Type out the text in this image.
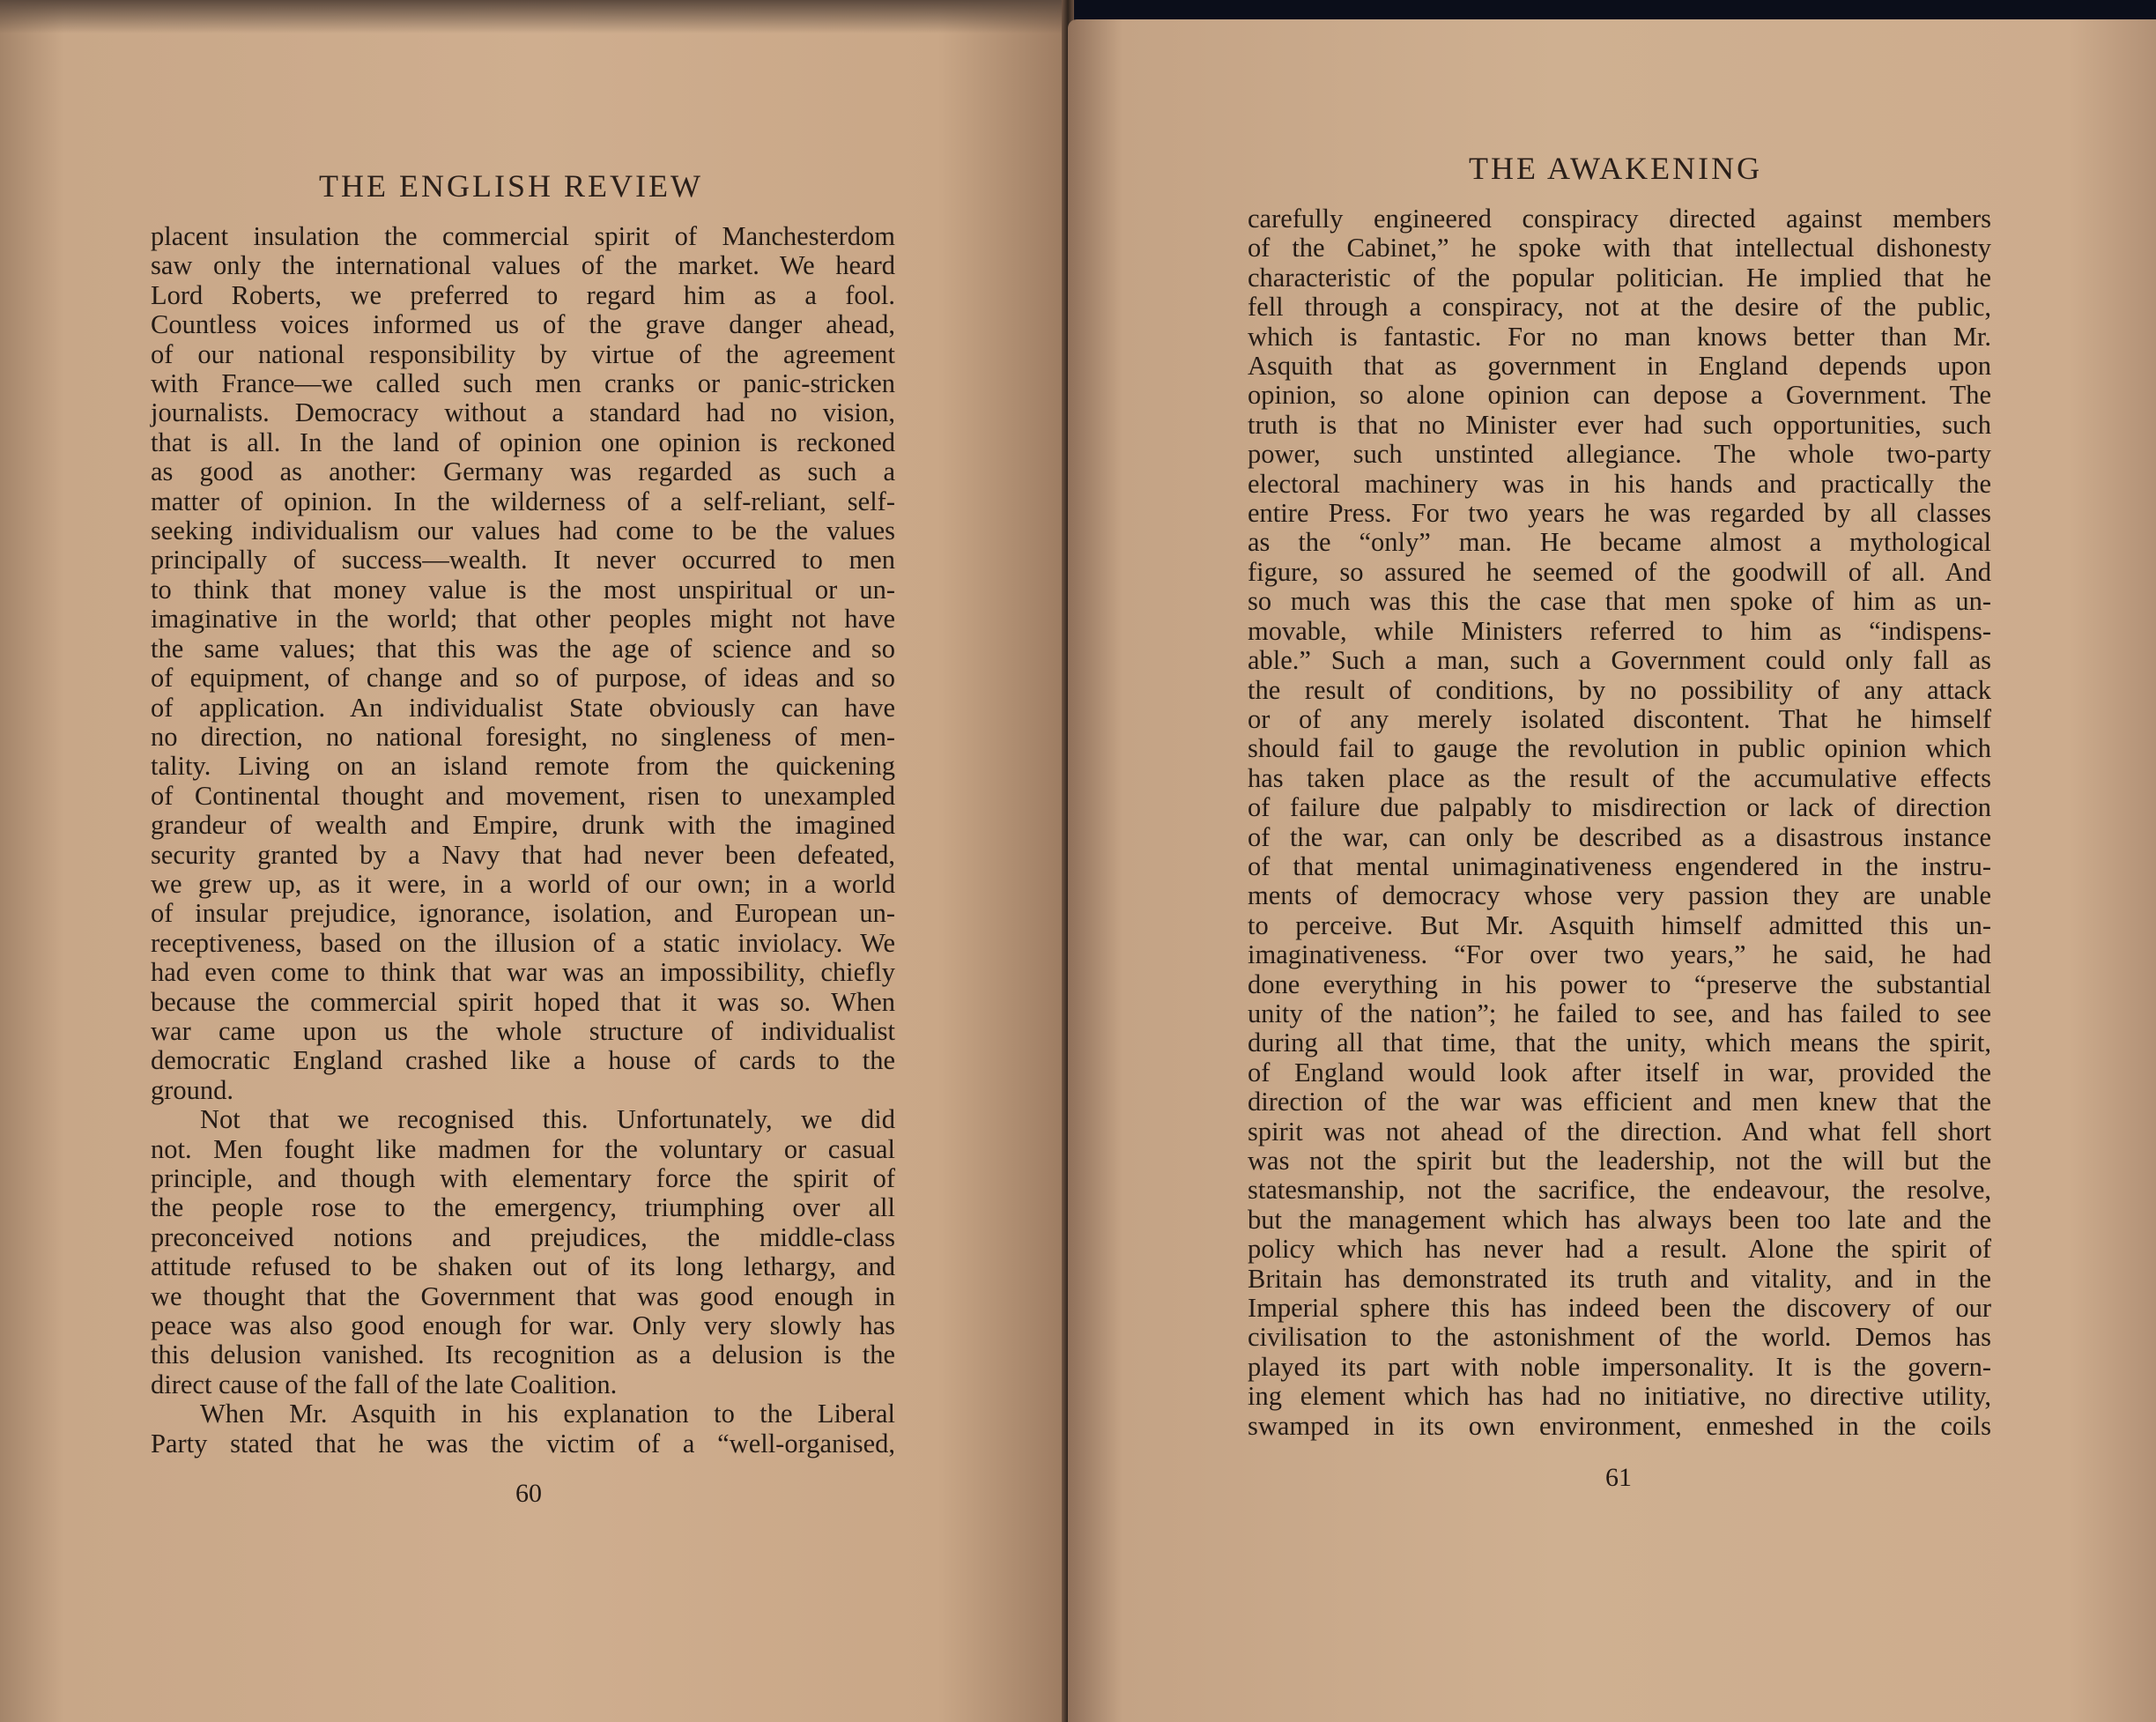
THE ENGLISH REVIEW
placent insulation the commercial spirit of Manchesterdom
saw only the international values of the market. We heard
Lord Roberts, we preferred to regard him as a fool.
Countless voices informed us of the grave danger ahead,
of our national responsibility by virtue of the agreement
with France—we called such men cranks or panic-stricken
journalists. Democracy without a standard had no vision,
that is all. In the land of opinion one opinion is reckoned
as good as another: Germany was regarded as such a
matter of opinion. In the wilderness of a self-reliant, self-
seeking individualism our values had come to be the values
principally of success—wealth. It never occurred to men
to think that money value is the most unspiritual or un-
imaginative in the world; that other peoples might not have
the same values; that this was the age of science and so
of equipment, of change and so of purpose, of ideas and so
of application. An individualist State obviously can have
no direction, no national foresight, no singleness of men-
tality. Living on an island remote from the quickening
of Continental thought and movement, risen to unexampled
grandeur of wealth and Empire, drunk with the imagined
security granted by a Navy that had never been defeated,
we grew up, as it were, in a world of our own; in a world
of insular prejudice, ignorance, isolation, and European un-
receptiveness, based on the illusion of a static inviolacy. We
had even come to think that war was an impossibility, chiefly
because the commercial spirit hoped that it was so. When
war came upon us the whole structure of individualist
democratic England crashed like a house of cards to the
ground.
Not that we recognised this. Unfortunately, we did
not. Men fought like madmen for the voluntary or casual
principle, and though with elementary force the spirit of
the people rose to the emergency, triumphing over all
preconceived notions and prejudices, the middle-class
attitude refused to be shaken out of its long lethargy, and
we thought that the Government that was good enough in
peace was also good enough for war. Only very slowly has
this delusion vanished. Its recognition as a delusion is the
direct cause of the fall of the late Coalition.
When Mr. Asquith in his explanation to the Liberal
Party stated that he was the victim of a “well-organised,
60
THE AWAKENING
carefully engineered conspiracy directed against members
of the Cabinet,” he spoke with that intellectual dishonesty
characteristic of the popular politician. He implied that he
fell through a conspiracy, not at the desire of the public,
which is fantastic. For no man knows better than Mr.
Asquith that as government in England depends upon
opinion, so alone opinion can depose a Government. The
truth is that no Minister ever had such opportunities, such
power, such unstinted allegiance. The whole two-party
electoral machinery was in his hands and practically the
entire Press. For two years he was regarded by all classes
as the “only” man. He became almost a mythological
figure, so assured he seemed of the goodwill of all. And
so much was this the case that men spoke of him as un-
movable, while Ministers referred to him as “indispens-
able.” Such a man, such a Government could only fall as
the result of conditions, by no possibility of any attack
or of any merely isolated discontent. That he himself
should fail to gauge the revolution in public opinion which
has taken place as the result of the accumulative effects
of failure due palpably to misdirection or lack of direction
of the war, can only be described as a disastrous instance
of that mental unimaginativeness engendered in the instru-
ments of democracy whose very passion they are unable
to perceive. But Mr. Asquith himself admitted this un-
imaginativeness. “For over two years,” he said, he had
done everything in his power to “preserve the substantial
unity of the nation”; he failed to see, and has failed to see
during all that time, that the unity, which means the spirit,
of England would look after itself in war, provided the
direction of the war was efficient and men knew that the
spirit was not ahead of the direction. And what fell short
was not the spirit but the leadership, not the will but the
statesmanship, not the sacrifice, the endeavour, the resolve,
but the management which has always been too late and the
policy which has never had a result. Alone the spirit of
Britain has demonstrated its truth and vitality, and in the
Imperial sphere this has indeed been the discovery of our
civilisation to the astonishment of the world. Demos has
played its part with noble impersonality. It is the govern-
ing element which has had no initiative, no directive utility,
swamped in its own environment, enmeshed in the coils
61
